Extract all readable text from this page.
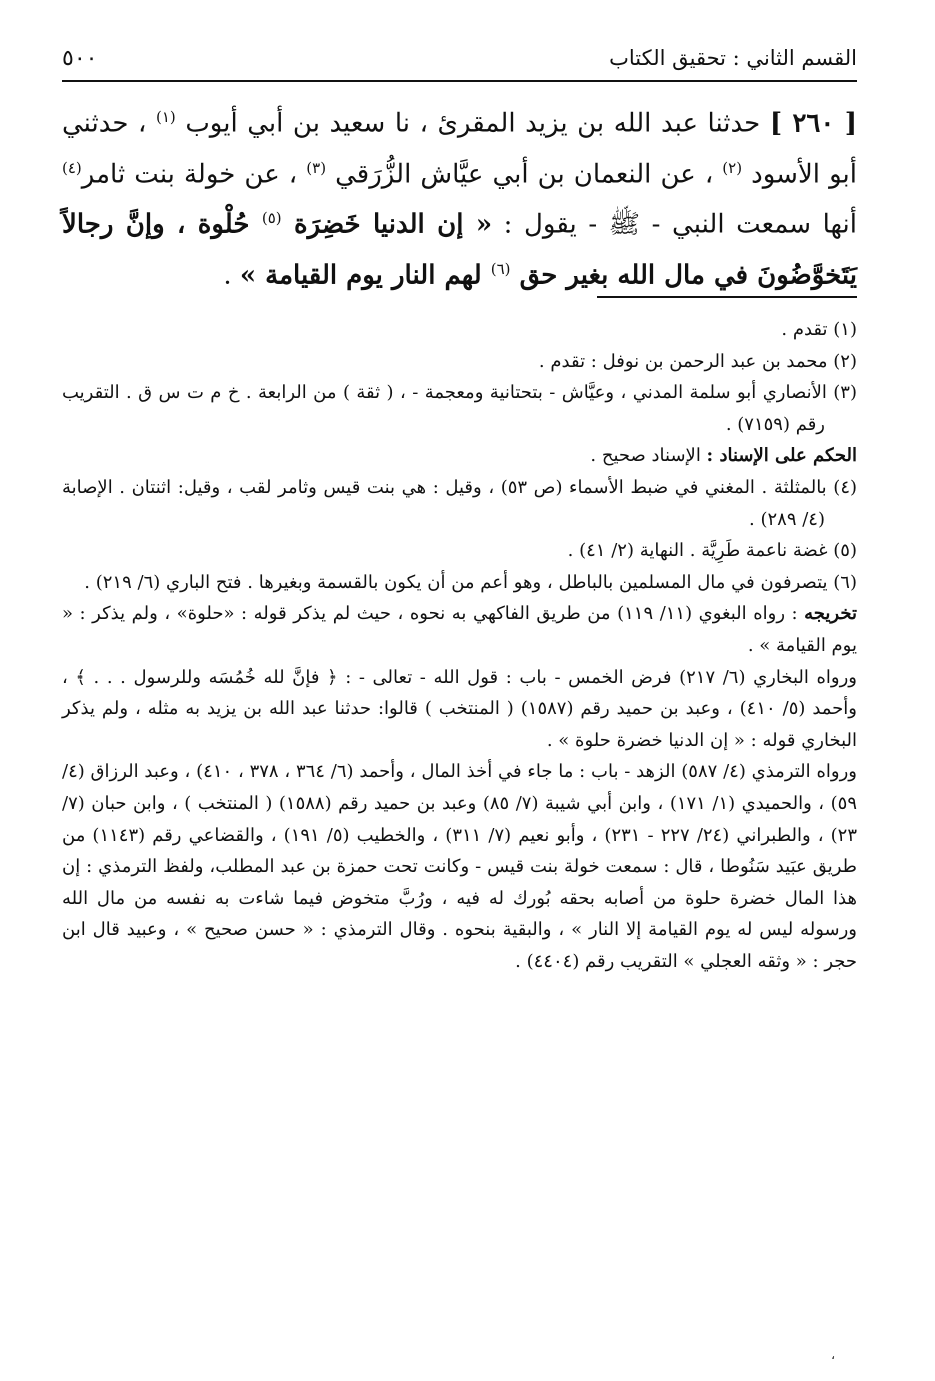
القسم الثاني : تحقيق الكتاب
٥٠٠

[ ٢٦٠ ] حدثنا عبد الله بن يزيد المقرئ ، نا سعيد بن أبي أيوب $^{(١)}$ ، حدثني أبو الأسود $^{(٢)}$ ، عن النعمان بن أبي عيَّاش الزُّرَقي $^{(٣)}$ ، عن خولة بنت ثامر$^{(٤)}$ أنها سمعت النبي - ﷺ - يقول : « إن الدنيا خَضِرَة $^{(٥)}$ حُلْوة ، وإنَّ رجالاً يَتَخوَّضُونَ في مال الله بغير حق $^{(٦)}$ لهم النار يوم القيامة » .

(١) تقدم .

(٢) محمد بن عبد الرحمن بن نوفل : تقدم .

(٣) الأنصاري أبو سلمة المدني ، وعيَّاش - بتحتانية ومعجمة - ، ( ثقة ) من الرابعة . خ م ت س ق . التقريب رقم (٧١٥٩) .

الحكم على الإسناد : الإسناد صحيح .

(٤) بالمثلثة . المغني في ضبط الأسماء (ص ٥٣) ، وقيل : هي بنت قيس وثامر لقب ، وقيل: اثنتان . الإصابة (٤/ ٢٨٩) .

(٥) غضة ناعمة طَرِيَّة . النهاية (٢/ ٤١) .

(٦) يتصرفون في مال المسلمين بالباطل ، وهو أعم من أن يكون بالقسمة وبغيرها . فتح الباري (٦/ ٢١٩) .

تخريجه : رواه البغوي (١١/ ١١٩) من طريق الفاكهي به نحوه ، حيث لم يذكر قوله : «حلوة» ، ولم يذكر : « يوم القيامة » .

ورواه البخاري (٦/ ٢١٧) فرض الخمس - باب : قول الله - تعالى - : ﴿ فإنَّ لله خُمُسَه وللرسول . . . ﴾ ، وأحمد (٥/ ٤١٠) ، وعبد بن حميد رقم (١٥٨٧) ( المنتخب ) قالوا: حدثنا عبد الله بن يزيد به مثله ، ولم يذكر البخاري قوله : « إن الدنيا خضرة حلوة » .

ورواه الترمذي (٤/ ٥٨٧) الزهد - باب : ما جاء في أخذ المال ، وأحمد (٦/ ٣٦٤ ، ٣٧٨ ، ٤١٠) ، وعبد الرزاق (٤/ ٥٩) ، والحميدي (١/ ١٧١) ، وابن أبي شيبة (٧/ ٨٥) وعبد بن حميد رقم (١٥٨٨) ( المنتخب ) ، وابن حبان (٧/ ٢٣) ، والطبراني (٢٤/ ٢٢٧ - ٢٣١) ، وأبو نعيم (٧/ ٣١١) ، والخطيب (٥/ ١٩١) ، والقضاعي رقم (١١٤٣) من طريق عبَيد سَنُوطا ، قال : سمعت خولة بنت قيس - وكانت تحت حمزة بن عبد المطلب، ولفظ الترمذي : إن هذا المال خضرة حلوة من أصابه بحقه بُورك له فيه ، ورُبَّ متخوض فيما شاءت به نفسه من مال الله ورسوله ليس له يوم القيامة إلا النار » ، والبقية بنحوه . وقال الترمذي : « حسن صحيح » ، وعبيد قال ابن حجر : « وثقه العجلي » التقريب رقم (٤٤٠٤) .

،
